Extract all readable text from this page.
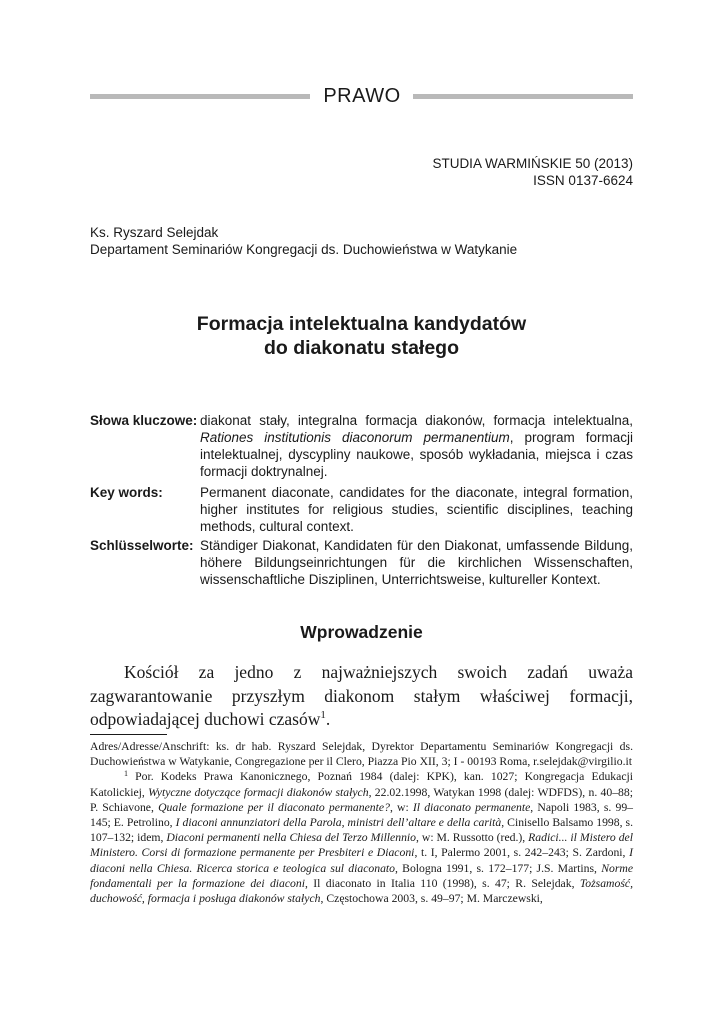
PRAWO
STUDIA WARMIŃSKIE 50 (2013)
ISSN 0137-6624
Ks. Ryszard Selejdak
Departament Seminariów Kongregacji ds. Duchowieństwa w Watykanie
Formacja intelektualna kandydatów
do diakonatu stałego
Słowa kluczowe: diakonat stały, integralna formacja diakonów, formacja intelektualna, Rationes institutionis diaconorum permanentium, program formacji intelektualnej, dyscypliny naukowe, sposób wykładania, miejsca i czas formacji doktrynalnej.
Key words:	Permanent diaconate, candidates for the diaconate, integral formation, higher institutes for religious studies, scientific disciplines, teaching methods, cultural context.
Schlüsselworte: Ständiger Diakonat, Kandidaten für den Diakonat, umfassende Bildung, höhere Bildungseinrichtungen für die kirchlichen Wissenschaften, wissenschaftliche Disziplinen, Unterrichtsweise, kultureller Kontext.
Wprowadzenie
Kościół za jedno z najważniejszych swoich zadań uważa zagwarantowanie przyszłym diakonom stałym właściwej formacji, odpowiadającej duchowi czasów$^1$.

Adres/Adresse/Anschrift: ks. dr hab. Ryszard Selejdak, Dyrektor Departamentu Seminariów Kongregacji ds. Duchowieństwa w Watykanie, Congregazione per il Clero, Piazza Pio XII, 3; I - 00193 Roma, r.selejdak@virgilio.it

$^1$ Por. Kodeks Prawa Kanonicznego, Poznań 1984 (dalej: KPK), kan. 1027; Kongregacja Edukacji Katolickiej, Wytyczne dotyczące formacji diakonów stałych, 22.02.1998, Watykan 1998 (dalej: WDFDS), n. 40–88; P. Schiavone, Quale formazione per il diaconato permanente?, w: Il diaconato permanente, Napoli 1983, s. 99–145; E. Petrolino, I diaconi annunziatori della Parola, ministri dell’altare e della carità, Cinisello Balsamo 1998, s. 107–132; idem, Diaconi permanenti nella Chiesa del Terzo Millennio, w: M. Russotto (red.), Radici... il Mistero del Ministero. Corsi di formazione permanente per Presbiteri e Diaconi, t. I, Palermo 2001, s. 242–243; S. Zardoni, I diaconi nella Chiesa. Ricerca storica e teologica sul diaconato, Bologna 1991, s. 172–177; J.S. Martins, Norme fondamentali per la formazione dei diaconi, Il diaconato in Italia 110 (1998), s. 47; R. Selejdak, Tożsamość, duchowość, formacja i posługa diakonów stałych, Częstochowa 2003, s. 49–97; M. Marczewski,
